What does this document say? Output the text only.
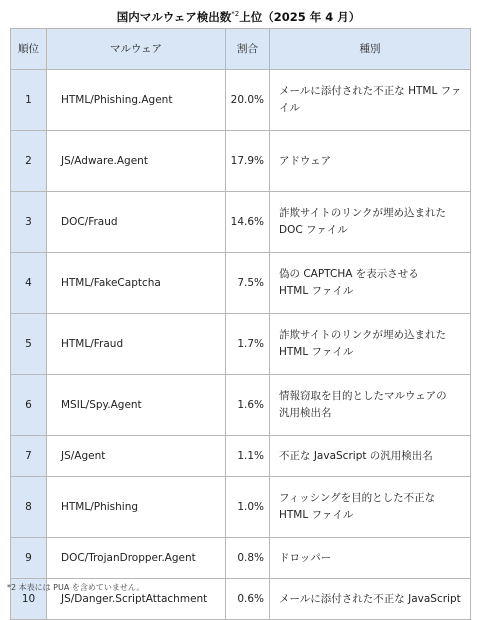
国内マルウェア検出数$^{*2}$上位（2025 年 4 月）
順位	マルウェア	割合	種別
1	HTML/Phishing.Agent	20.0%	メールに添付された不正な HTML ファイル
2	JS/Adware.Agent	17.9%	アドウェア
3	DOC/Fraud	14.6%	詐欺サイトのリンクが埋め込まれた
DOC ファイル
4	HTML/FakeCaptcha	7.5%	偽の CAPTCHA を表示させる
HTML ファイル
5	HTML/Fraud	1.7%	詐欺サイトのリンクが埋め込まれた
HTML ファイル
6	MSIL/Spy.Agent	1.6%	情報窃取を目的としたマルウェアの
汎用検出名
7	JS/Agent	1.1%	不正な JavaScript の汎用検出名
8	HTML/Phishing	1.0%	フィッシングを目的とした不正な
HTML ファイル
9	DOC/TrojanDropper.Agent	0.8%	ドロッパー
10	JS/Danger.ScriptAttachment	0.6%	メールに添付された不正な JavaScript
*2 本表には PUA を含めていません。
